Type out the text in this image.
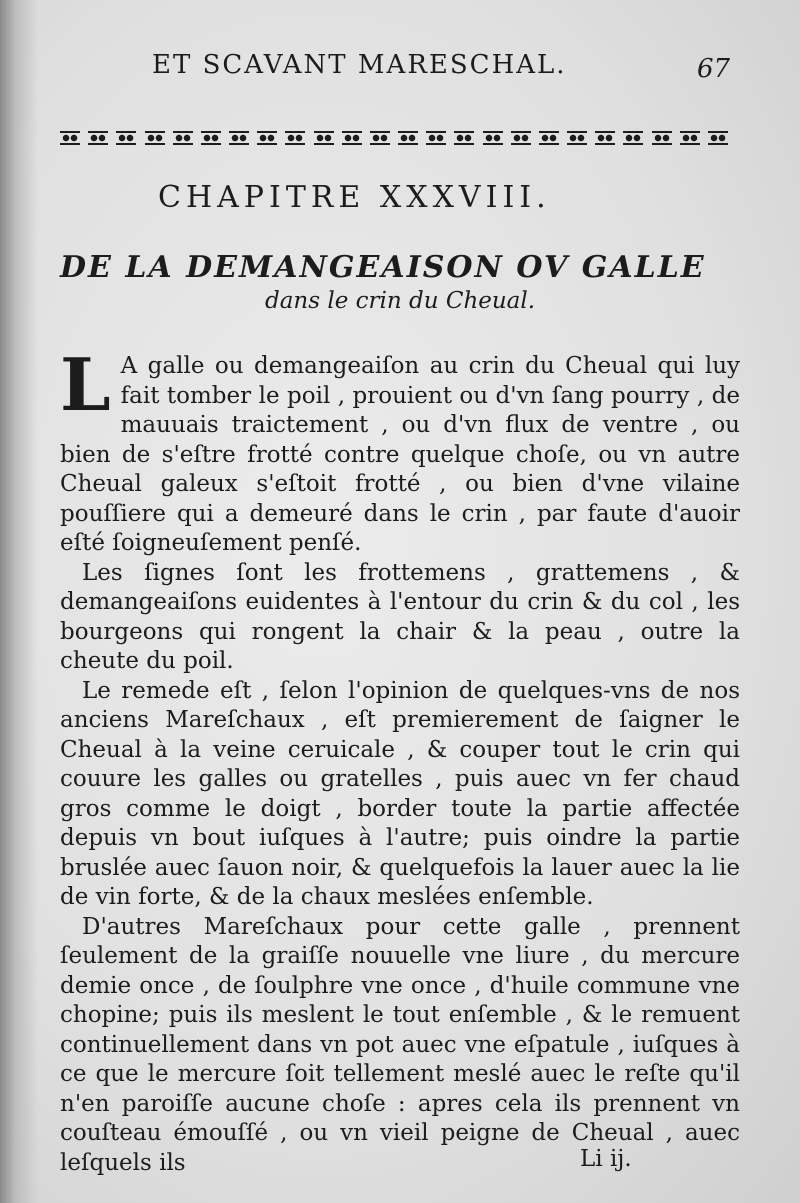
ET SCAVANT MARESCHAL.	67
CHAPITRE XXXVIII.
DE LA DEMANGEAISON OV GALLE
dans le crin du Cheual.

L A galle ou demangeaiſon au crin du Cheual qui luy fait tomber le poil , prouient ou d'vn ſang pourry , de mauuais traictement , ou d'vn flux de ventre , ou bien de s'eſtre frotté contre quelque choſe, ou vn autre Cheual galeux s'eſtoit frotté , ou bien d'vne vilaine pouſſiere qui a demeuré dans le crin , par faute d'auoir eſté ſoigneuſement penſé.

Les ſignes ſont les frottemens , grattemens , & demangeaiſons euidentes à l'entour du crin & du col , les bourgeons qui rongent la chair & la peau , outre la cheute du poil.

Le remede eſt , ſelon l'opinion de quelques-vns de nos anciens Mareſchaux , eſt premierement de ſaigner le Cheual à la veine ceruicale , & couper tout le crin qui couure les galles ou gratelles , puis auec vn fer chaud gros comme le doigt , border toute la partie affectée depuis vn bout iuſques à l'autre; puis oindre la partie bruslée auec ſauon noir, & quelquefois la lauer auec la lie de vin forte, & de la chaux meslées enſemble.

D'autres Mareſchaux pour cette galle , prennent ſeulement de la graiſſe nouuelle vne liure , du mercure demie once , de ſoulphre vne once , d'huile commune vne chopine; puis ils meslent le tout enſemble , & le remuent continuellement dans vn pot auec vne eſpatule , iuſques à ce que le mercure ſoit tellement meslé auec le reſte qu'il n'en paroiſſe aucune choſe : apres cela ils prennent vn couſteau émouſſé , ou vn vieil peigne de Cheual , auec leſquels ils	Li ij.
